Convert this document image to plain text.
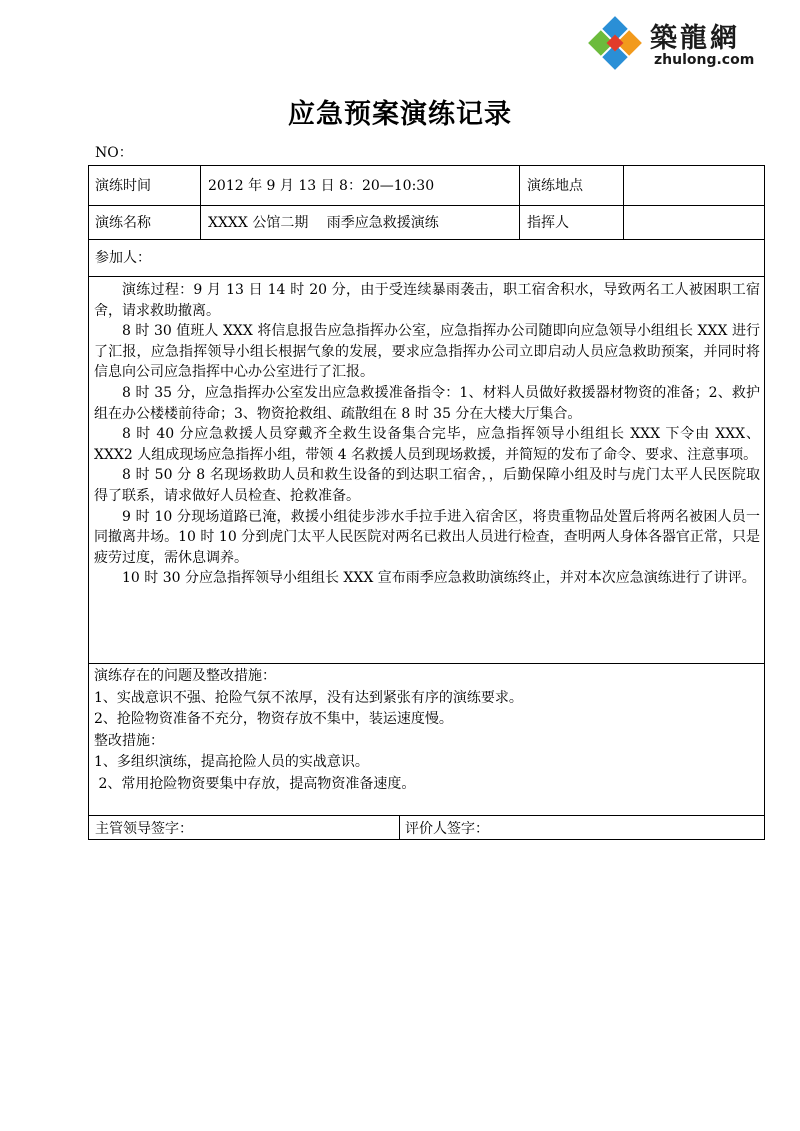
築龍網
zhulong.com
应急预案演练记录
NO：
演练时间	2012 年 9 月 13 日 8：20—10:30	演练地点
演练名称	XXXX 公馆二期　 雨季应急救援演练	指挥人
参加人：

演练过程：9 月 13 日 14 时 20 分，由于受连续暴雨袭击，职工宿舍积水，导致两名工人被困职工宿舍，请求救助撤离。

8 时 30 值班人 XXX 将信息报告应急指挥办公室，应急指挥办公司随即向应急领导小组组长 XXX 进行了汇报，应急指挥领导小组长根据气象的发展，要求应急指挥办公司立即启动人员应急救助预案，并同时将信息向公司应急指挥中心办公室进行了汇报。

8 时 35 分，应急指挥办公室发出应急救援准备指令：1、材料人员做好救援器材物资的准备；2、救护组在办公楼楼前待命；3、物资抢救组、疏散组在 8 时 35 分在大楼大厅集合。

8 时 40 分应急救援人员穿戴齐全救生设备集合完毕，应急指挥领导小组组长 XXX 下令由 XXX、XXX2 人组成现场应急指挥小组，带领 4 名救援人员到现场救援，并简短的发布了命令、要求、注意事项。

8 时 50 分 8 名现场救助人员和救生设备的到达职工宿舍，，后勤保障小组及时与虎门太平人民医院取得了联系，请求做好人员检查、抢救准备。

9 时 10 分现场道路已淹，救援小组徒步涉水手拉手进入宿舍区，将贵重物品处置后将两名被困人员一同撤离井场。10 时 10 分到虎门太平人民医院对两名已救出人员进行检查，查明两人身体各器官正常，只是疲劳过度，需休息调养。

10 时 30 分应急指挥领导小组组长 XXX 宣布雨季应急救助演练终止，并对本次应急演练进行了讲评。

演练存在的问题及整改措施：
1、实战意识不强、抢险气氛不浓厚，没有达到紧张有序的演练要求。
2、抢险物资准备不充分，物资存放不集中，装运速度慢。
整改措施：
1、多组织演练，提高抢险人员的实战意识。
2、常用抢险物资要集中存放，提高物资准备速度。
主管领导签字：	评价人签字：
